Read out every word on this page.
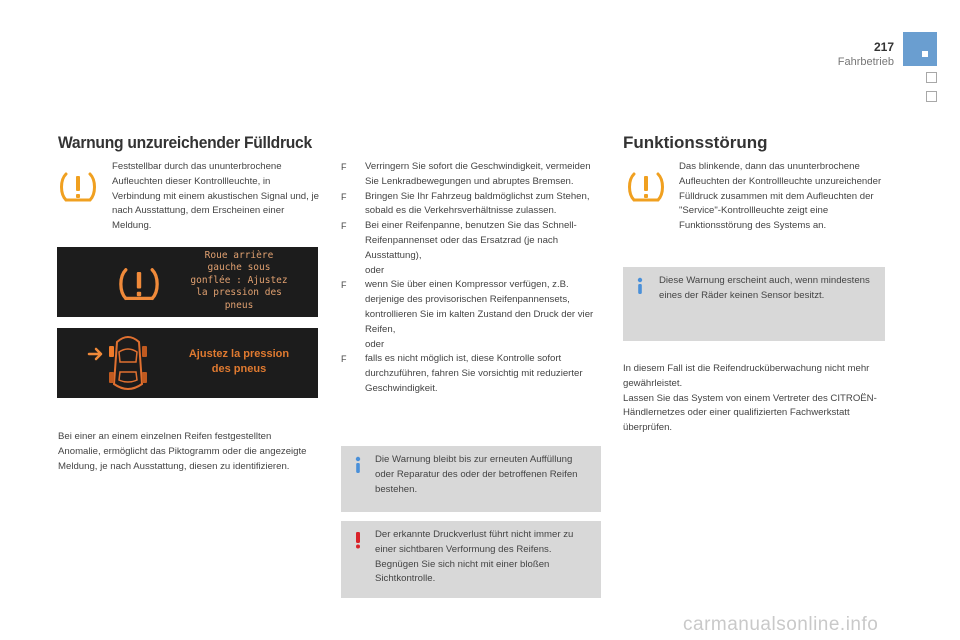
217
Fahrbetrieb
Warnung unzureichender Fülldruck
Feststellbar durch das ununterbrochene Aufleuchten dieser Kontrollleuchte, in Verbindung mit einem akustischen Signal und, je nach Ausstattung, dem Erscheinen einer Meldung.
Roue arrière
gauche sous
gonflée : Ajustez
la pression des
pneus
Ajustez la pression
des pneus
Bei einer an einem einzelnen Reifen festgestellten Anomalie, ermöglicht das Piktogramm oder die angezeigte Meldung, je nach Ausstattung, diesen zu identifizieren.
F Verringern Sie sofort die Geschwindigkeit, vermeiden Sie Lenkradbewegungen und abruptes Bremsen.
F Bringen Sie Ihr Fahrzeug baldmöglichst zum Stehen, sobald es die Verkehrsverhältnisse zulassen.
F Bei einer Reifenpanne, benutzen Sie das Schnell-Reifenpannenset oder das Ersatzrad (je nach Ausstattung),
oder
F wenn Sie über einen Kompressor verfügen, z.B. derjenige des provisorischen Reifenpannensets, kontrollieren Sie im kalten Zustand den Druck der vier Reifen,
oder
F falls es nicht möglich ist, diese Kontrolle sofort durchzuführen, fahren Sie vorsichtig mit reduzierter Geschwindigkeit.
Die Warnung bleibt bis zur erneuten Auffüllung oder Reparatur des oder der betroffenen Reifen bestehen.
Der erkannte Druckverlust führt nicht immer zu einer sichtbaren Verformung des Reifens. Begnügen Sie sich nicht mit einer bloßen Sichtkontrolle.
Funktionsstörung
Das blinkende, dann das ununterbrochene Aufleuchten der Kontrollleuchte unzureichender Fülldruck zusammen mit dem Aufleuchten der "Service"-Kontrollleuchte zeigt eine Funktionsstörung des Systems an.
Diese Warnung erscheint auch, wenn mindestens eines der Räder keinen Sensor besitzt.
In diesem Fall ist die Reifendrucküberwachung nicht mehr gewährleistet.
Lassen Sie das System von einem Vertreter des CITROËN-Händlernetzes oder einer qualifizierten Fachwerkstatt überprüfen.
carmanualsonline.info
